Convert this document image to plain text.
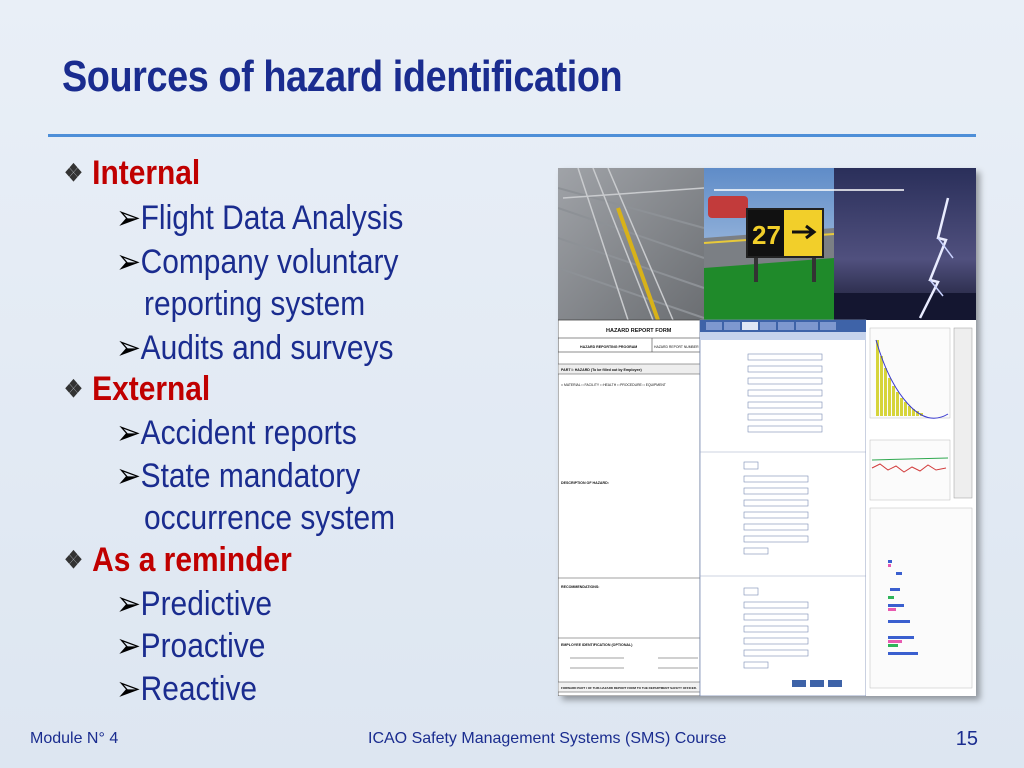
Sources of hazard identification
❖ Internal
➢Flight Data Analysis
➢Company voluntary
reporting system
➢Audits and surveys
❖ External
➢Accident reports
➢State mandatory
occurrence system
❖ As a reminder
➢Predictive
➢Proactive
➢Reactive
27
HAZARD REPORT FORM
HAZARD REPORTING PROGRAM	HAZARD REPORT NUMBER
PART I: HAZARD (To be filled out by Employee)
□ MATERIAL □ FACILITY □ HEALTH □ PROCEDURE □ EQUIPMENT
DESCRIPTION OF HAZARD:
RECOMMENDATIONS:
EMPLOYEE IDENTIFICATION (OPTIONAL)
FORWARD PART I OF THIS HAZARD REPORT FORM TO THE DEPARTMENT SAFETY OFFICER.
Module N° 4	ICAO Safety Management Systems (SMS) Course	15
